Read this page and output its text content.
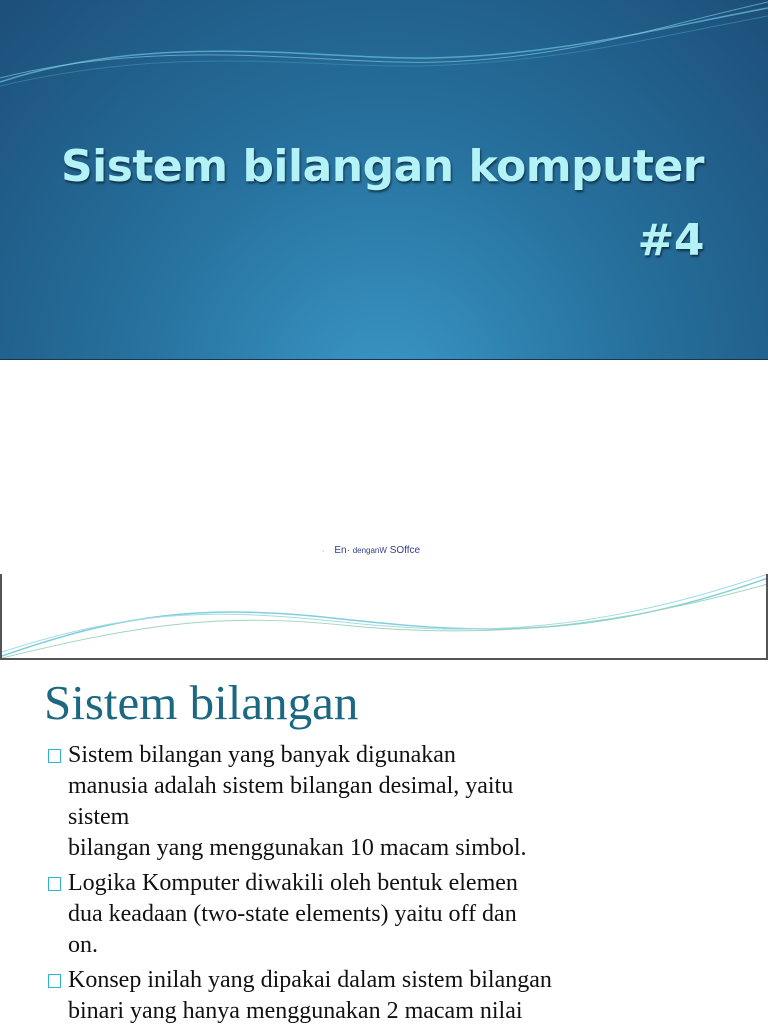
Sistem bilangan komputer
#4
· En· denganW SOffce
Sistem bilangan
Sistem bilangan yang banyak digunakan
manusia adalah sistem bilangan desimal, yaitu
sistem
bilangan yang menggunakan 10 macam simbol.
Logika Komputer diwakili oleh bentuk elemen
dua keadaan (two-state elements) yaitu off dan
on.
Konsep inilah yang dipakai dalam sistem bilangan
binari yang hanya menggunakan 2 macam nilai
